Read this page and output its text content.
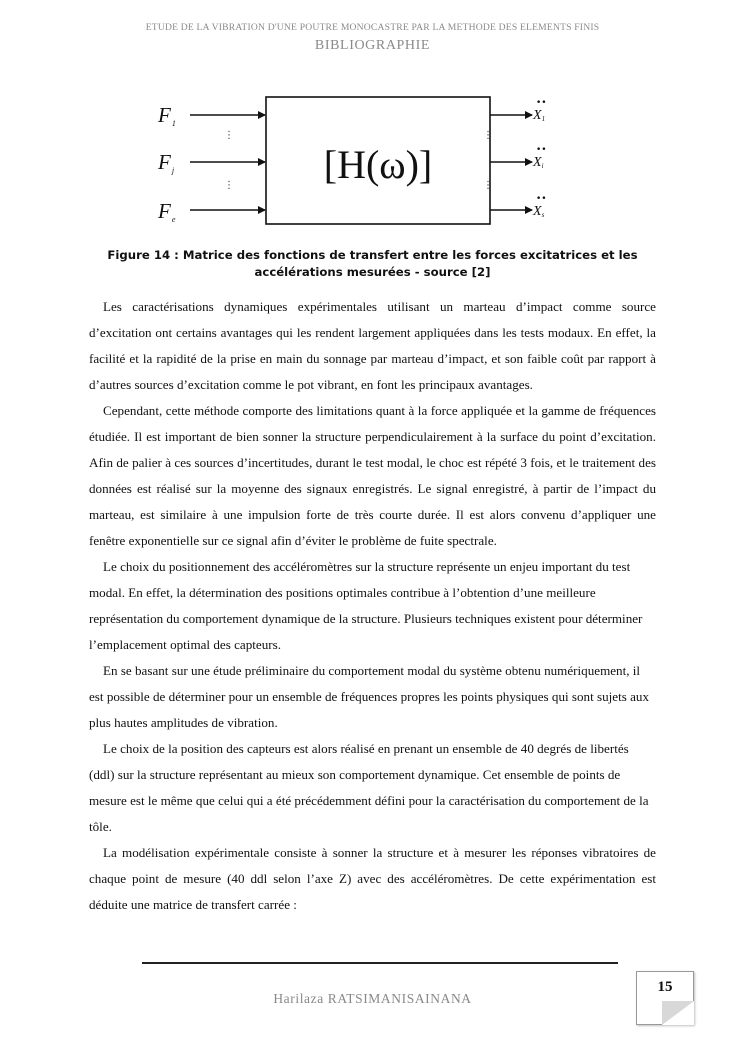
ETUDE DE LA VIBRATION D'UNE POUTRE MONOCASTRE PAR LA METHODE DES ELEMENTS FINIS
BIBLIOGRAPHIE
⋮
⋮ [H(ω)]
⋮
⋮
F1
Fj
Fe
••
X1
••
Xi
••
Xs
Figure 14 : Matrice des fonctions de transfert entre les forces excitatrices et les
accélérations mesurées - source [2]

Les caractérisations dynamiques expérimentales utilisant un marteau d’impact comme source d’excitation ont certains avantages qui les rendent largement appliquées dans les tests modaux. En effet, la facilité et la rapidité de la prise en main du sonnage par marteau d’impact, et son faible coût par rapport à d’autres sources d’excitation comme le pot vibrant, en font les principaux avantages.

Cependant, cette méthode comporte des limitations quant à la force appliquée et la gamme de fréquences étudiée. Il est important de bien sonner la structure perpendiculairement à la surface du point d’excitation. Afin de palier à ces sources d’incertitudes, durant le test modal, le choc est répété 3 fois, et le traitement des données est réalisé sur la moyenne des signaux enregistrés. Le signal enregistré, à partir de l’impact du marteau, est similaire à une impulsion forte de très courte durée. Il est alors convenu d’appliquer une fenêtre exponentielle sur ce signal afin d’éviter le problème de fuite spectrale.

Le choix du positionnement des accéléromètres sur la structure représente un enjeu important du test modal. En effet, la détermination des positions optimales contribue à l’obtention d’une meilleure représentation du comportement dynamique de la structure. Plusieurs techniques existent pour déterminer l’emplacement optimal des capteurs.

En se basant sur une étude préliminaire du comportement modal du système obtenu numériquement, il est possible de déterminer pour un ensemble de fréquences propres les points physiques qui sont sujets aux plus hautes amplitudes de vibration.

Le choix de la position des capteurs est alors réalisé en prenant un ensemble de 40 degrés de libertés (ddl) sur la structure représentant au mieux son comportement dynamique. Cet ensemble de points de mesure est le même que celui qui a été précédemment défini pour la caractérisation du comportement de la tôle.

La modélisation expérimentale consiste à sonner la structure et à mesurer les réponses vibratoires de chaque point de mesure (40 ddl selon l’axe Z) avec des accéléromètres. De cette expérimentation est déduite une matrice de transfert carrée :

15
Harilaza RATSIMANISAINANA
